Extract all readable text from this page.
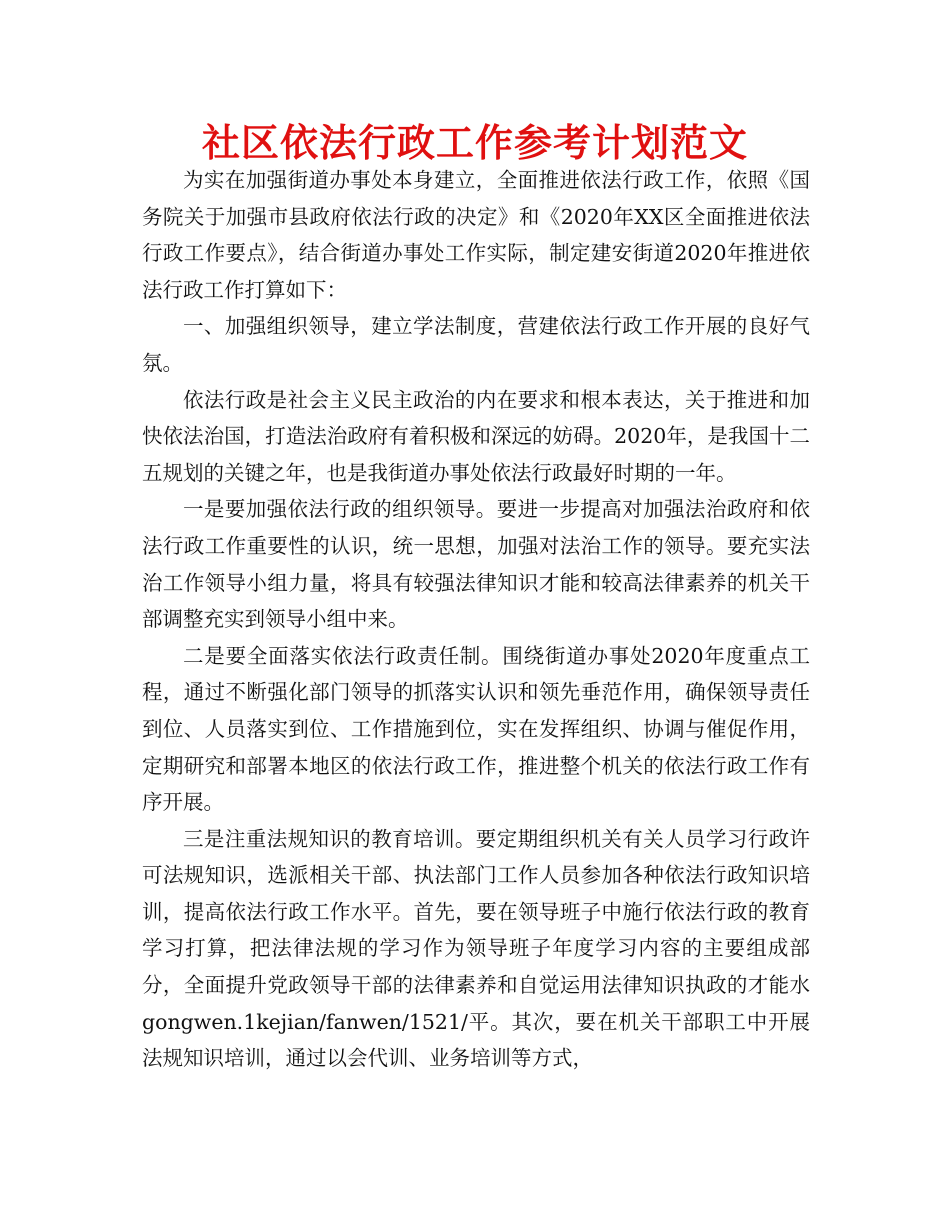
社区依法行政工作参考计划范文

为实在加强街道办事处本身建立，全面推进依法行政工作，依照《国务院关于加强市县政府依法行政的决定》和《2020年XX区全面推进依法行政工作要点》，结合街道办事处工作实际，制定建安街道2020年推进依法行政工作打算如下：

一、加强组织领导，建立学法制度，营建依法行政工作开展的良好气氛。

依法行政是社会主义民主政治的内在要求和根本表达，关于推进和加快依法治国，打造法治政府有着积极和深远的妨碍。2020年，是我国十二五规划的关键之年，也是我街道办事处依法行政最好时期的一年。

一是要加强依法行政的组织领导。要进一步提高对加强法治政府和依法行政工作重要性的认识，统一思想，加强对法治工作的领导。要充实法治工作领导小组力量，将具有较强法律知识才能和较高法律素养的机关干部调整充实到领导小组中来。

二是要全面落实依法行政责任制。围绕街道办事处2020年度重点工程，通过不断强化部门领导的抓落实认识和领先垂范作用，确保领导责任到位、人员落实到位、工作措施到位，实在发挥组织、协调与催促作用，定期研究和部署本地区的依法行政工作，推进整个机关的依法行政工作有序开展。

三是注重法规知识的教育培训。要定期组织机关有关人员学习行政许可法规知识，选派相关干部、执法部门工作人员参加各种依法行政知识培训，提高依法行政工作水平。首先，要在领导班子中施行依法行政的教育学习打算，把法律法规的学习作为领导班子年度学习内容的主要组成部分，全面提升党政领导干部的法律素养和自觉运用法律知识执政的才能水gongwen.1kejian/fanwen/1521/平。其次，要在机关干部职工中开展法规知识培训，通过以会代训、业务培训等方式，
